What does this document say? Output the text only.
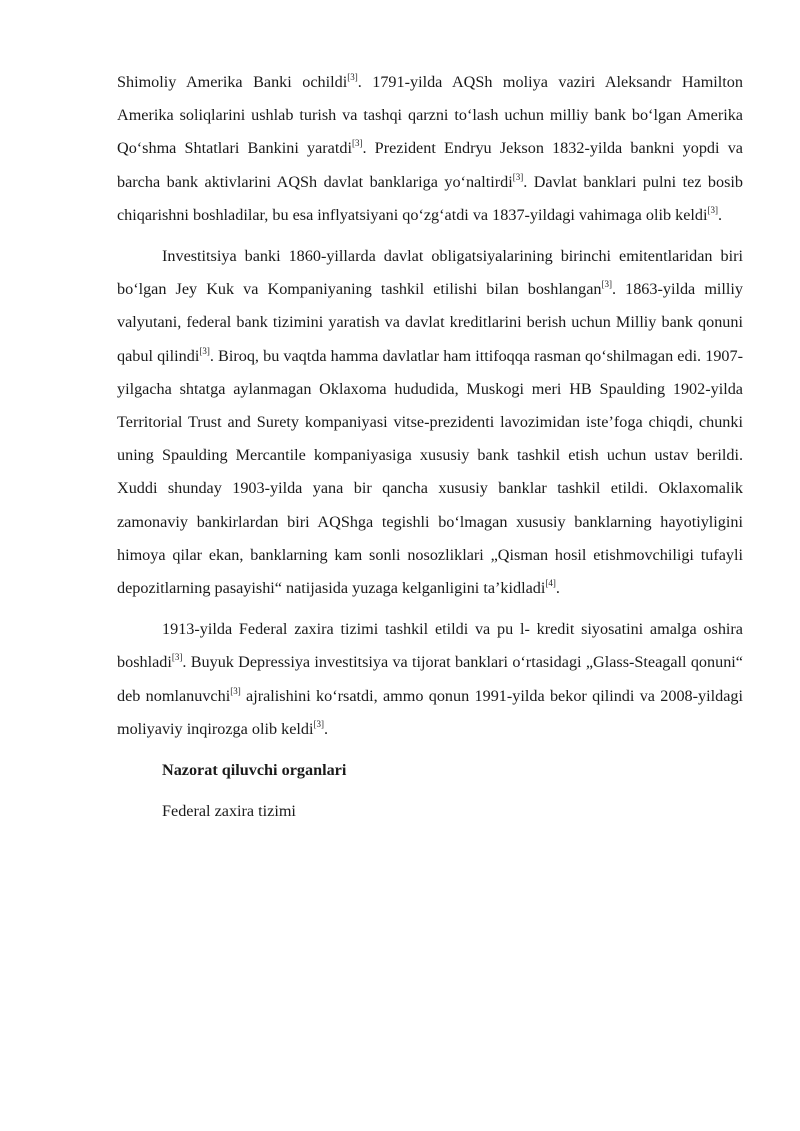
Shimoliy Amerika Banki ochildi[3]. 1791-yilda AQSh moliya vaziri Aleksandr Hamilton Amerika soliqlarini ushlab turish va tashqi qarzni to‘lash uchun milliy bank bo‘lgan Amerika Qo‘shma Shtatlari Bankini yaratdi[3]. Prezident Endryu Jekson 1832-yilda bankni yopdi va barcha bank aktivlarini AQSh davlat banklariga yo‘naltirdi[3]. Davlat banklari pulni tez bosib chiqarishni boshladilar, bu esa inflyatsiyani qo‘zg‘atdi va 1837-yildagi vahimaga olib keldi[3].

Investitsiya banki 1860-yillarda davlat obligatsiyalarining birinchi emitentlaridan biri bo‘lgan Jey Kuk va Kompaniyaning tashkil etilishi bilan boshlangan[3]. 1863-yilda milliy valyutani, federal bank tizimini yaratish va davlat kreditlarini berish uchun Milliy bank qonuni qabul qilindi[3]. Biroq, bu vaqtda hamma davlatlar ham ittifoqqa rasman qo‘shilmagan edi. 1907-yilgacha shtatga aylanmagan Oklaxoma hududida, Muskogi meri HB Spaulding 1902-yilda Territorial Trust and Surety kompaniyasi vitse-prezidenti lavozimidan iste’foga chiqdi, chunki uning Spaulding Mercantile kompaniyasiga xususiy bank tashkil etish uchun ustav berildi. Xuddi shunday 1903-yilda yana bir qancha xususiy banklar tashkil etildi. Oklaxomalik zamonaviy bankirlardan biri AQShga tegishli bo‘lmagan xususiy banklarning hayotiyligini himoya qilar ekan, banklarning kam sonli nosozliklari „Qisman hosil etishmovchiligi tufayli depozitlarning pasayishi“ natijasida yuzaga kelganligini ta’kidladi[4].

1913-yilda Federal zaxira tizimi tashkil etildi va pu l- kredit siyosatini amalga oshira boshladi[3]. Buyuk Depressiya investitsiya va tijorat banklari o‘rtasidagi „Glass-Steagall qonuni“ deb nomlanuvchi[3] ajralishini ko‘rsatdi, ammo qonun 1991-yilda bekor qilindi va 2008-yildagi moliyaviy inqirozga olib keldi[3].

Nazorat qiluvchi organlari
Federal zaxira tizimi
